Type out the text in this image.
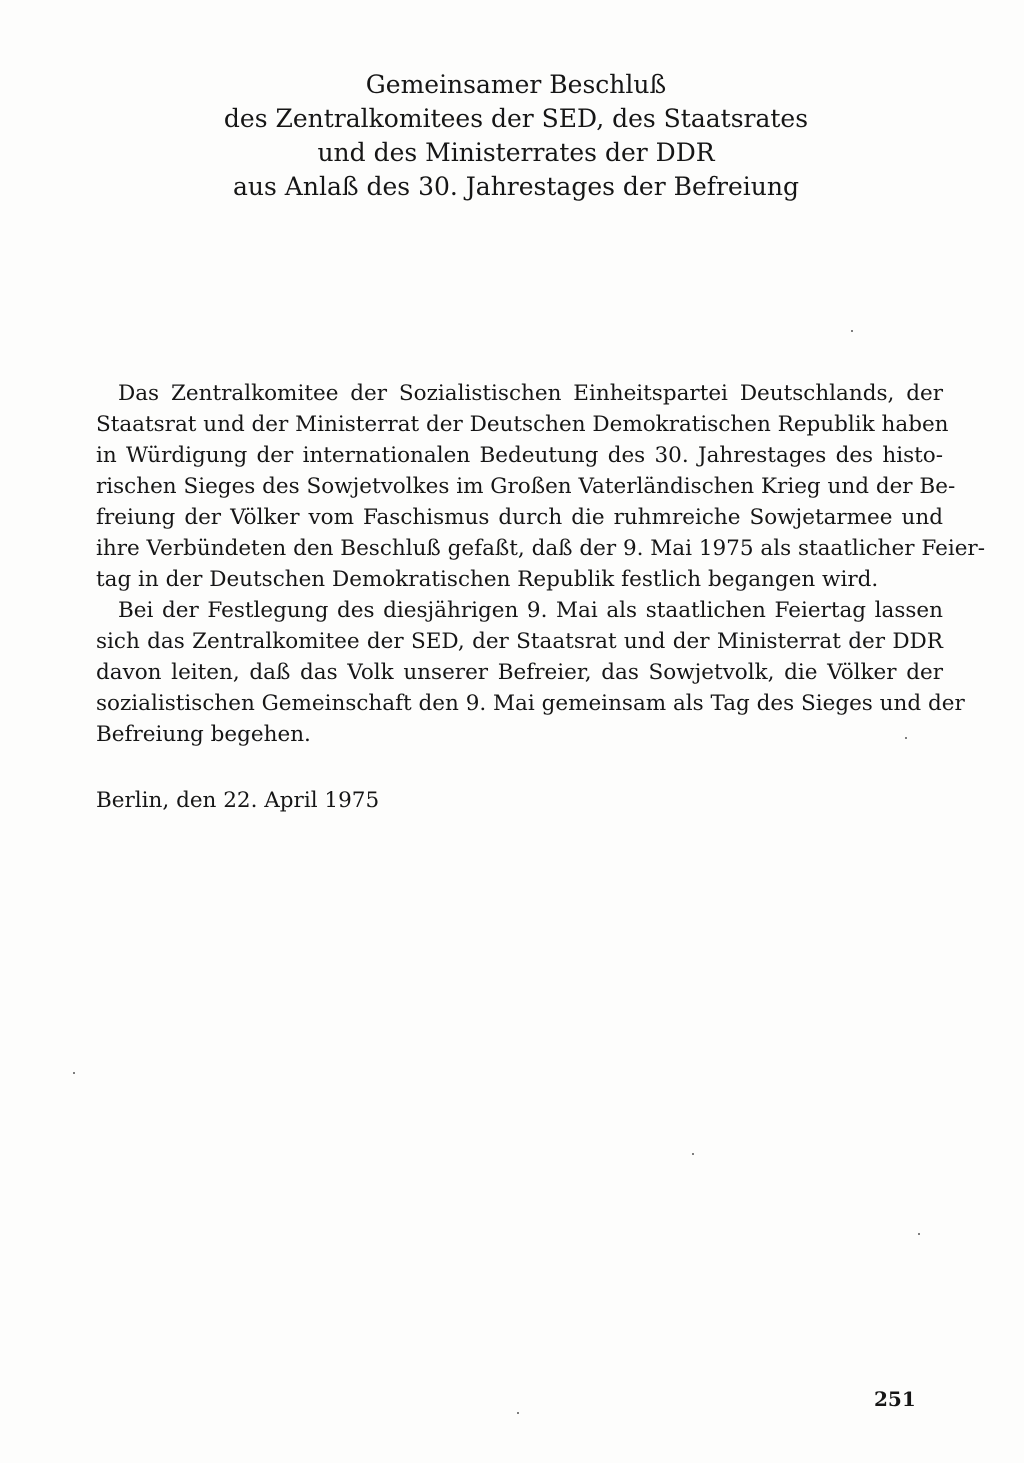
Gemeinsamer Beschluß
des Zentralkomitees der SED, des Staatsrates
und des Ministerrates der DDR
aus Anlaß des 30. Jahrestages der Befreiung
Das Zentralkomitee der Sozialistischen Einheitspartei Deutschlands, der
Staatsrat und der Ministerrat der Deutschen Demokratischen Republik haben
in Würdigung der internationalen Bedeutung des 30. Jahrestages des histo-
rischen Sieges des Sowjetvolkes im Großen Vaterländischen Krieg und der Be-
freiung der Völker vom Faschismus durch die ruhmreiche Sowjetarmee und
ihre Verbündeten den Beschluß gefaßt, daß der 9. Mai 1975 als staatlicher Feier-
tag in der Deutschen Demokratischen Republik festlich begangen wird.
Bei der Festlegung des diesjährigen 9. Mai als staatlichen Feiertag lassen
sich das Zentralkomitee der SED, der Staatsrat und der Ministerrat der DDR
davon leiten, daß das Volk unserer Befreier, das Sowjetvolk, die Völker der
sozialistischen Gemeinschaft den 9. Mai gemeinsam als Tag des Sieges und der
Befreiung begehen.
Berlin, den 22. April 1975
251
